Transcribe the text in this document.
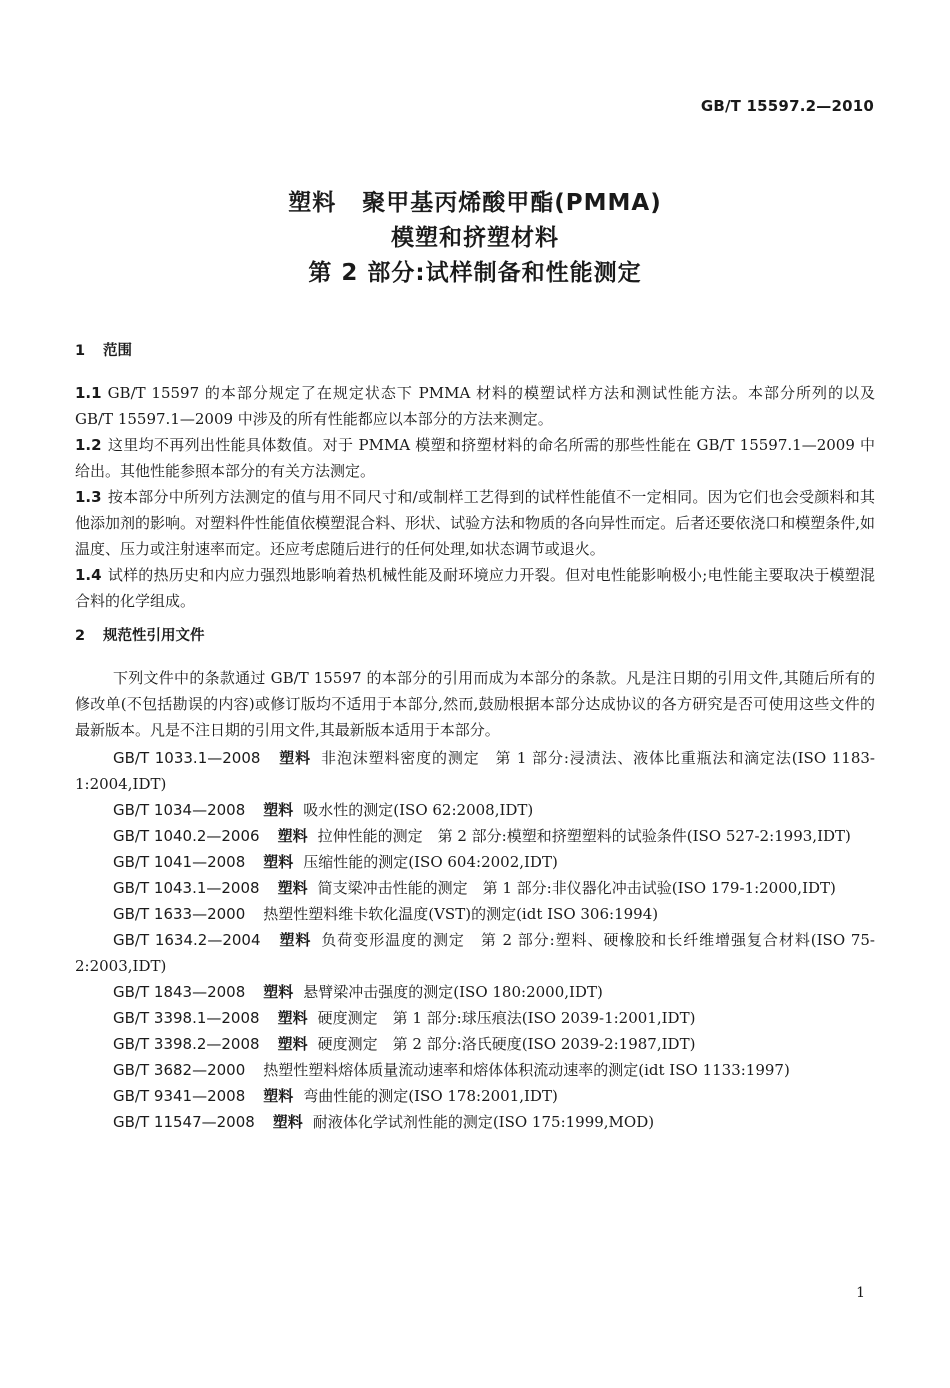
GB/T 15597.2—2010
塑料 聚甲基丙烯酸甲酯(PMMA)
模塑和挤塑材料
第 2 部分:试样制备和性能测定
1 范围

1.1 GB/T 15597 的本部分规定了在规定状态下 PMMA 材料的模塑试样方法和测试性能方法。本部分所列的以及 GB/T 15597.1—2009 中涉及的所有性能都应以本部分的方法来测定。

1.2 这里均不再列出性能具体数值。对于 PMMA 模塑和挤塑材料的命名所需的那些性能在 GB/T 15597.1—2009 中给出。其他性能参照本部分的有关方法测定。

1.3 按本部分中所列方法测定的值与用不同尺寸和/或制样工艺得到的试样性能值不一定相同。因为它们也会受颜料和其他添加剂的影响。对塑料件性能值依模塑混合料、形状、试验方法和物质的各向异性而定。后者还要依浇口和模塑条件,如温度、压力或注射速率而定。还应考虑随后进行的任何处理,如状态调节或退火。

1.4 试样的热历史和内应力强烈地影响着热机械性能及耐环境应力开裂。但对电性能影响极小;电性能主要取决于模塑混合料的化学组成。

2 规范性引用文件

下列文件中的条款通过 GB/T 15597 的本部分的引用而成为本部分的条款。凡是注日期的引用文件,其随后所有的修改单(不包括勘误的内容)或修订版均不适用于本部分,然而,鼓励根据本部分达成协议的各方研究是否可使用这些文件的最新版本。凡是不注日期的引用文件,其最新版本适用于本部分。

GB/T 1033.1—2008 塑料 非泡沫塑料密度的测定　第 1 部分:浸渍法、液体比重瓶法和滴定法(ISO 1183-1:2004,IDT)

GB/T 1034—2008 塑料 吸水性的测定(ISO 62:2008,IDT)

GB/T 1040.2—2006 塑料 拉伸性能的测定　第 2 部分:模塑和挤塑塑料的试验条件(ISO 527-2:1993,IDT)

GB/T 1041—2008 塑料 压缩性能的测定(ISO 604:2002,IDT)

GB/T 1043.1—2008 塑料 简支梁冲击性能的测定　第 1 部分:非仪器化冲击试验(ISO 179-1:2000,IDT)

GB/T 1633—2000 热塑性塑料维卡软化温度(VST)的测定(idt ISO 306:1994)

GB/T 1634.2—2004 塑料 负荷变形温度的测定　第 2 部分:塑料、硬橡胶和长纤维增强复合材料(ISO 75-2:2003,IDT)

GB/T 1843—2008 塑料 悬臂梁冲击强度的测定(ISO 180:2000,IDT)

GB/T 3398.1—2008 塑料 硬度测定　第 1 部分:球压痕法(ISO 2039-1:2001,IDT)

GB/T 3398.2—2008 塑料 硬度测定　第 2 部分:洛氏硬度(ISO 2039-2:1987,IDT)

GB/T 3682—2000 热塑性塑料熔体质量流动速率和熔体体积流动速率的测定(idt ISO 1133:1997)

GB/T 9341—2008 塑料 弯曲性能的测定(ISO 178:2001,IDT)

GB/T 11547—2008 塑料 耐液体化学试剂性能的测定(ISO 175:1999,MOD)

1
